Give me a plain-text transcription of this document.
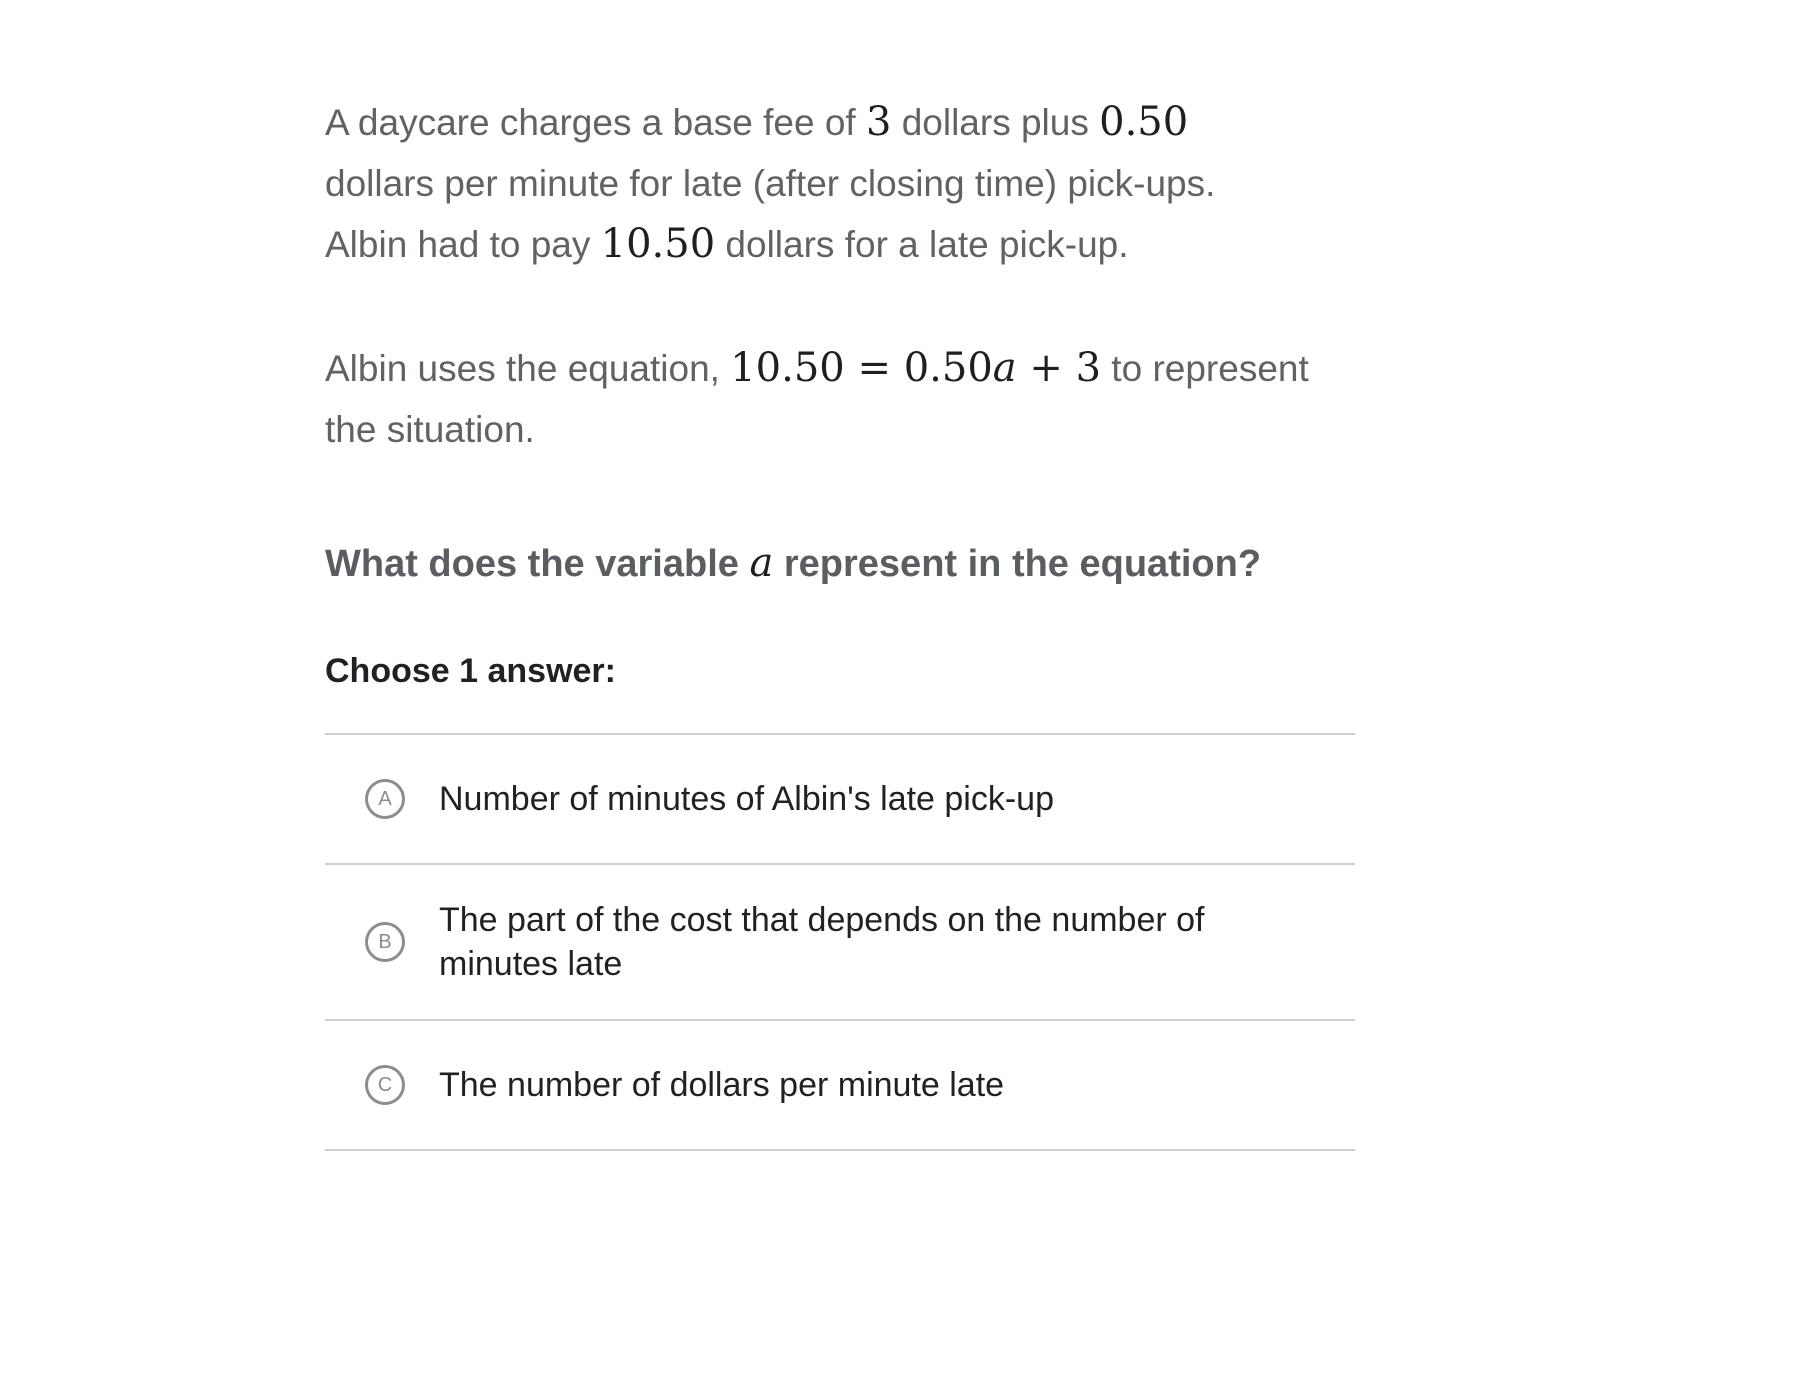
A daycare charges a base fee of 3 dollars plus 0.50
dollars per minute for late (after closing time) pick-ups.
Albin had to pay 10.50 dollars for a late pick-up.

Albin uses the equation, 10.50 = 0.50a + 3 to represent
the situation.

What does the variable a represent in the equation?
Choose 1 answer:
A	Number of minutes of Albin's late pick-up
B
The part of the cost that depends on the number of minutes late
C	The number of dollars per minute late
